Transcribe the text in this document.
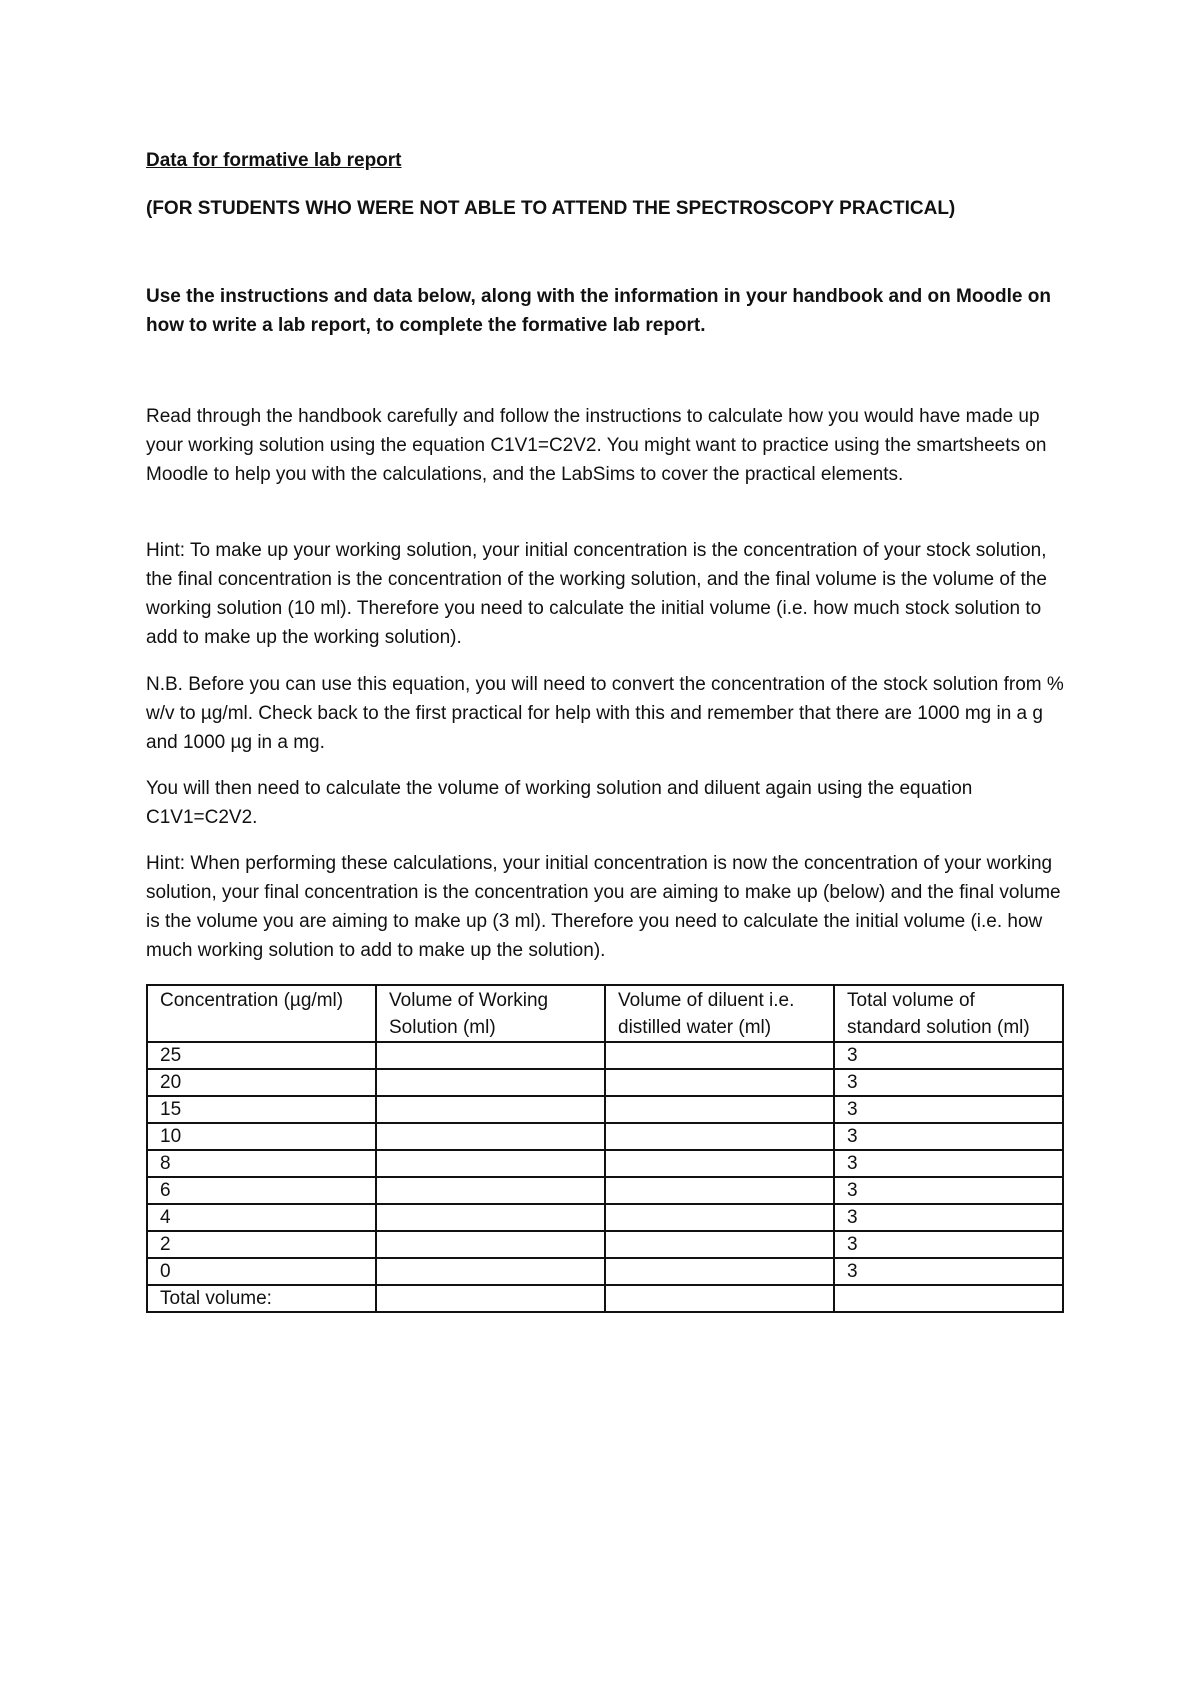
Data for formative lab report

(FOR STUDENTS WHO WERE NOT ABLE TO ATTEND THE SPECTROSCOPY PRACTICAL)

Use the instructions and data below, along with the information in your handbook and on Moodle on how to write a lab report, to complete the formative lab report.

Read through the handbook carefully and follow the instructions to calculate how you would have made up your working solution using the equation C1V1=C2V2. You might want to practice using the smartsheets on Moodle to help you with the calculations, and the LabSims to cover the practical elements.

Hint: To make up your working solution, your initial concentration is the concentration of your stock solution, the final concentration is the concentration of the working solution, and the final volume is the volume of the working solution (10 ml). Therefore you need to calculate the initial volume (i.e. how much stock solution to add to make up the working solution).

N.B. Before you can use this equation, you will need to convert the concentration of the stock solution from % w/v to µg/ml. Check back to the first practical for help with this and remember that there are 1000 mg in a g and 1000 µg in a mg.

You will then need to calculate the volume of working solution and diluent again using the equation C1V1=C2V2.

Hint: When performing these calculations, your initial concentration is now the concentration of your working solution, your final concentration is the concentration you are aiming to make up (below) and the final volume is the volume you are aiming to make up (3 ml). Therefore you need to calculate the initial volume (i.e. how much working solution to add to make up the solution).

Concentration (µg/ml)	Volume of Working Solution (ml)	Volume of diluent i.e. distilled water (ml)	Total volume of standard solution (ml)
25			3
20			3
15			3
10			3
8			3
6			3
4			3
2			3
0			3
Total volume:			
